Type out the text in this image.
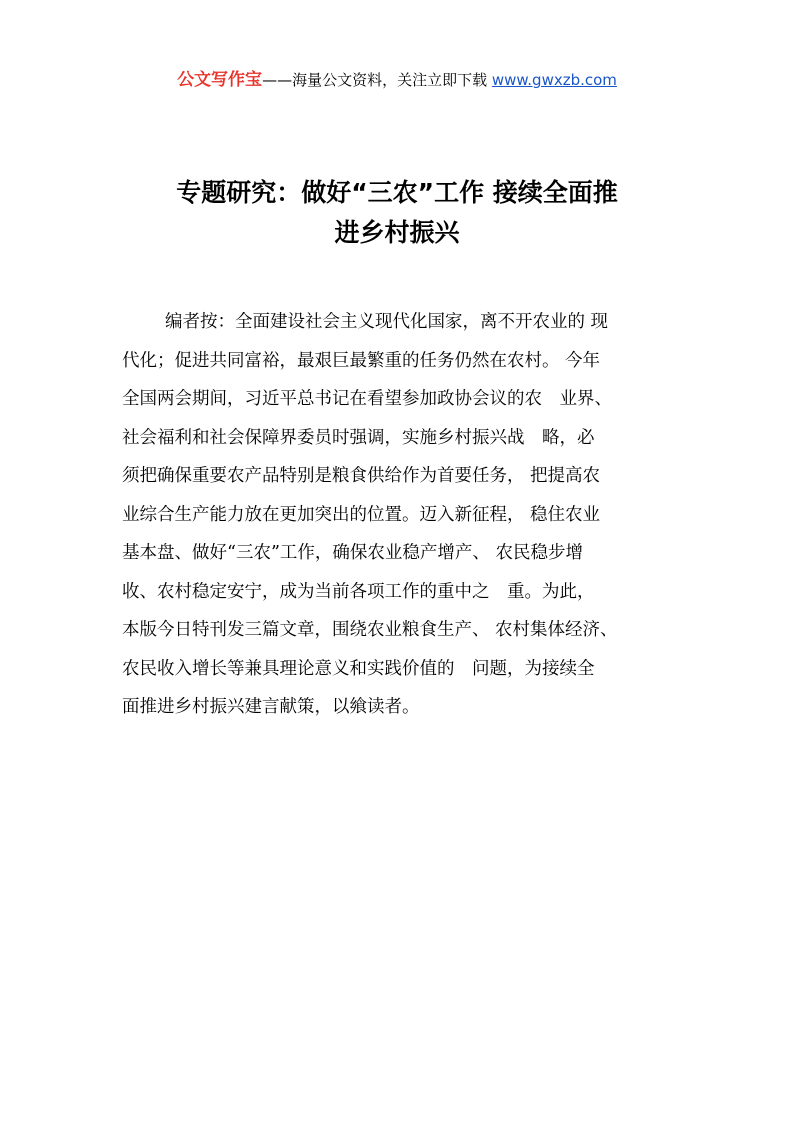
公文写作宝——海量公文资料，关注立即下载 www.gwxzb.com
专题研究：做好“三农”工作 接续全面推
进乡村振兴
编者按：全面建设社会主义现代化国家，离不开农业的 现
代化；促进共同富裕，最艰巨最繁重的任务仍然在农村。 今年
全国两会期间，习近平总书记在看望参加政协会议的农　业界、
社会福利和社会保障界委员时强调，实施乡村振兴战　略，必
须把确保重要农产品特别是粮食供给作为首要任务， 把提高农
业综合生产能力放在更加突出的位置。迈入新征程， 稳住农业
基本盘、做好“三农”工作，确保农业稳产增产、 农民稳步增
收、农村稳定安宁，成为当前各项工作的重中之　重。为此，
本版今日特刊发三篇文章，围绕农业粮食生产、 农村集体经济、
农民收入增长等兼具理论意义和实践价值的　问题，为接续全
面推进乡村振兴建言献策，以飨读者。
